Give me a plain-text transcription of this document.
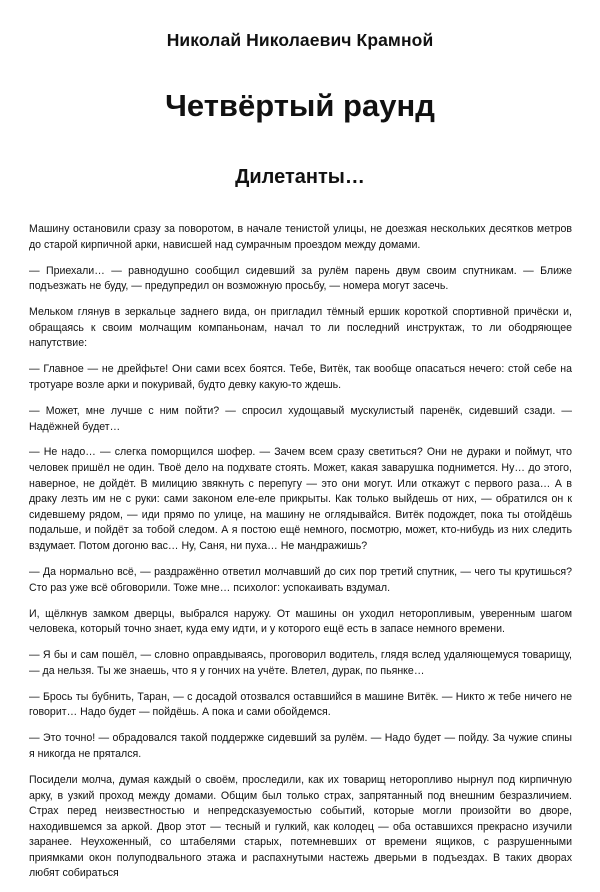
Николай Николаевич Крамной
Четвёртый раунд
Дилетанты…

Машину остановили сразу за поворотом, в начале тенистой улицы, не доезжая нескольких десятков метров до старой кирпичной арки, нависшей над сумрачным проездом между домами.

— Приехали… — равнодушно сообщил сидевший за рулём парень двум своим спутникам. — Ближе подъезжать не буду, — предупредил он возможную просьбу, — номера могут засечь.

Мельком глянув в зеркальце заднего вида, он пригладил тёмный ершик короткой спортивной причёски и, обращаясь к своим молчащим компаньонам, начал то ли последний инструктаж, то ли ободряющее напутствие:

— Главное — не дрейфьте! Они сами всех боятся. Тебе, Витёк, так вообще опасаться нечего: стой себе на тротуаре возле арки и покуривай, будто девку какую-то ждешь.

— Может, мне лучше с ним пойти? — спросил худощавый мускулистый паренёк, сидевший сзади. — Надёжней будет…

— Не надо… — слегка поморщился шофер. — Зачем всем сразу светиться? Они не дураки и поймут, что человек пришёл не один. Твоё дело на подхвате стоять. Может, какая заварушка поднимется. Ну… до этого, наверное, не дойдёт. В милицию звякнуть с перепугу — это они могут. Или откажут с первого раза… А в драку лезть им не с руки: сами законом еле-еле прикрыты. Как только выйдешь от них, — обратился он к сидевшему рядом, — иди прямо по улице, на машину не оглядывайся. Витёк подождет, пока ты отойдёшь подальше, и пойдёт за тобой следом. А я постою ещё немного, посмотрю, может, кто-нибудь из них следить вздумает. Потом догоню вас… Ну, Саня, ни пуха… Не мандражишь?

— Да нормально всё, — раздражённо ответил молчавший до сих пор третий спутник, — чего ты крутишься? Сто раз уже всё обговорили. Тоже мне… психолог: успокаивать вздумал.

И, щёлкнув замком дверцы, выбрался наружу. От машины он уходил неторопливым, уверенным шагом человека, который точно знает, куда ему идти, и у которого ещё есть в запасе немного времени.

— Я бы и сам пошёл, — словно оправдываясь, проговорил водитель, глядя вслед удаляющемуся товарищу, — да нельзя. Ты же знаешь, что я у гончих на учёте. Влетел, дурак, по пьянке…

— Брось ты бубнить, Таран, — с досадой отозвался оставшийся в машине Витёк. — Никто ж тебе ничего не говорит… Надо будет — пойдёшь. А пока и сами обойдемся.

— Это точно! — обрадовался такой поддержке сидевший за рулём. — Надо будет — пойду. За чужие спины я никогда не прятался.

Посидели молча, думая каждый о своём, проследили, как их товарищ неторопливо нырнул под кирпичную арку, в узкий проход между домами. Общим был только страх, запрятанный под внешним безразличием. Страх перед неизвестностью и непредсказуемостью событий, которые могли произойти во дворе, находившемся за аркой. Двор этот — тесный и гулкий, как колодец — оба оставшихся прекрасно изучили заранее. Неухоженный, со штабелями старых, потемневших от времени ящиков, с разрушенными приямками окон полуподвального этажа и распахнутыми настежь дверьми в подъездах. В таких дворах любят собираться
